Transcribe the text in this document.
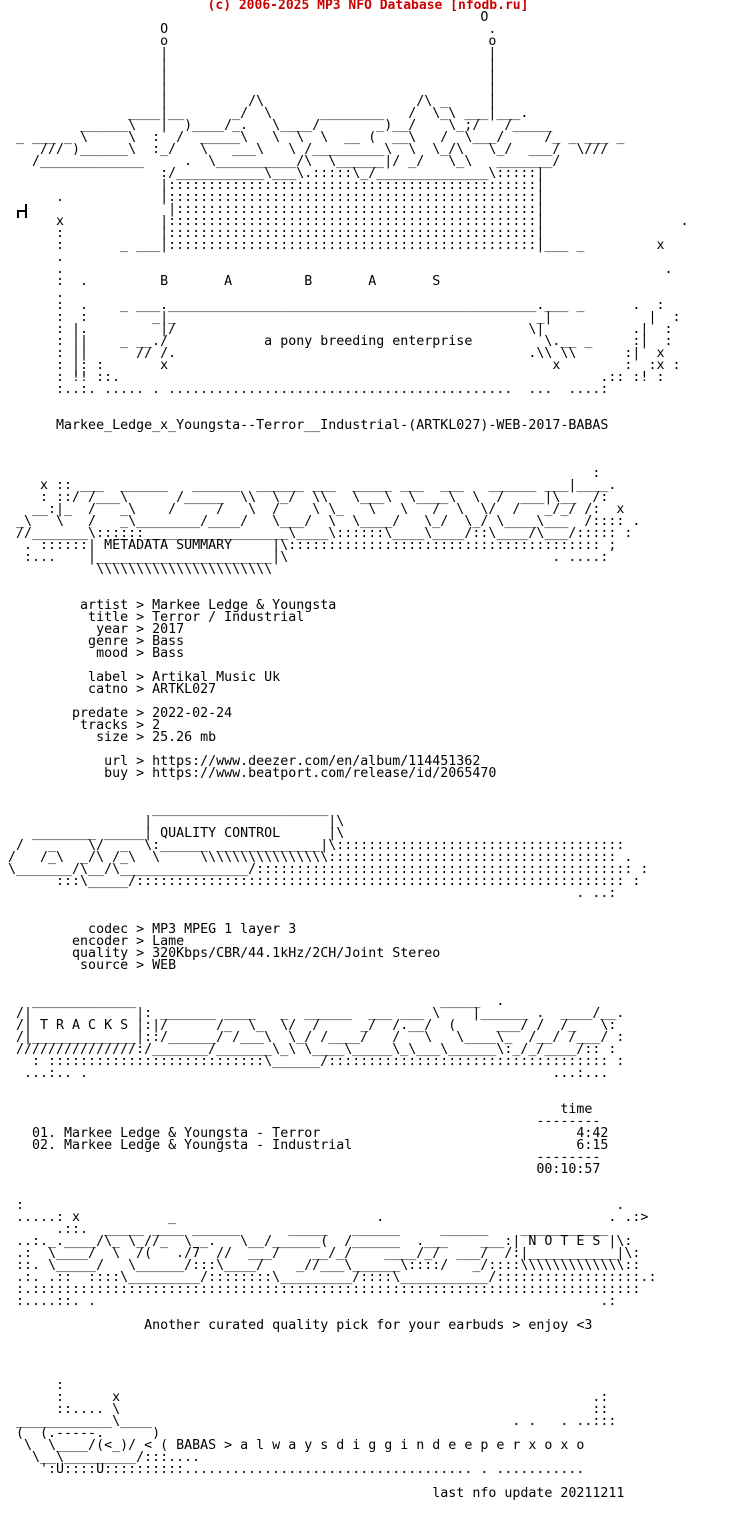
(c) 2006-2025 MP3 NFO Database [nfodb.ru]
O
O                                        .
o                                        o
|                                        |
|                                        |
|                                        |
|                                        |
|          /\                   /\ _     |
____|__      _/  \      ________   /  \_\ ___|___.
______\   |  )____/_.   \____/       _)__/    \_;/   /_____
_ ___ _ \     \  :  /  _____\   \  \  \  __ (  __\   /  \___/     /_ _ ___ _
/// )______\  :_/   \   ___\   \ /_________\  \  \_/\   \_/  ___/  \///
/_____________     .  \__________/\  \______|/ _/   \_\   _______/
:/___________\___\.:::::\_/______________\:::::|
|::::::::::::::::::::::::::::::::::::::::::::::|
.            |::::::::::::::::::::::::::::::::::::::::::::::|
|:::::::::::::::::::::::::::::::::::::::::::::|
x            |::::::::::::::::::::::::::::::::::::::::::::::|                 .
:            |::::::::::::::::::::::::::::::::::::::::::::::|
:       _ ___|::::::::::::::::::::::::::::::::::::::::::::::|___ _         x
.
.                                                                           .
:  .         B       A         B       A       S
.
:  .    _ ___.______________________________________________.___ _      .  :
:  :        _|_                                             _|            |  :
: |.         |/                                            \|           .|  :
: ||    _ __./            a pony breeding enterprise         \.__ _     :|  :
: ||      // /.                                            .\\ \\      :|  x
: |: :       x                                                x        :  :x :
: !! ::.                                                            .:: :! :
:..:. ..... . ...........................................  ...  ....:

Markee_Ledge_x_Youngsta--Terror__Industrial-(ARTKL027)-WEB-2017-BABAS

:
x :: ___  ______   ______  ______ ___  _____ ___  ___   ______ ___|____.
: ::/ /___\      /_____  \\  \_/  \\   \___\  \____\  \  /  ___|\__  /:
__:|_  /   _\    /     /   \  /    \ \_   \   \   /  \  \/  /   _/_/ /:  x
_\   \   /   _\________/____/   \___/  \  \____/   \_/  \_/ \____\___  /:::: .
//_______\::::::__________________\____\::::::\____\____/::\____/\___/::::: :
. ::::::| METADATA SUMMARY     |\::::::::::::::::::::::::::::::::::::::: ;
:...    |______________________|\                                 . ....:
\\\\\\\\\\\\\\\\\\\\\\

artist > Markee Ledge & Youngsta
title > Terror / Industrial
year > 2017
genre > Bass
mood > Bass

label > Artikal Music Uk
catno > ARTKL027

predate > 2022-02-24
tracks > 2
size > 25.26 mb

url > https://www.deezer.com/en/album/114451362
buy > https://www.beatport.com/release/id/2065470

______________________
|                      |\
________ _____| QUALITY CONTROL      |\
/   _    \/  _  \:______ _____________|\::::::::::::::::::::::::::::::::::::
/   /_\  _/\ /_\  \     \\\\\\\\\\\\\\\\:::::::::::::::::::::::::::::::::::: .
\_______/\__/\________________/::::::::::::::::::::::::::::::::::::::::::::::: :
:::\_____/::::::::::::::::::::::::::::::::::::::::::::::::::::::::::::: :
. ..:

codec > MP3 MPEG 1 layer 3
encoder > Lame
quality > 320Kbps/CBR/44.1kHz/2CH/Joint Stereo
source > WEB

_____________                                      _____  .
/|             |: _______ ____   _  ______  ___ ___ \    |______ .  ____/__.
/| T R A C K S |:|/      /_  \_  \/  /     _/  /.__/  (     ___/ /  /_   \:
/|_____________|::/______/ /___\  \_/ /____/   /   \   \____\_  /__/ /___/ :
///////////////:/_______/_______\_\ \____\_____\_\___\______\:_/_/____/:: :
: :::::::::::::::::::::::::::\______/::::::::::::::::::::::::::::::::::: :
...:.. .                                                          ...:...

time
--------
01. Markee Ledge & Youngsta - Terror                                4:42
02. Markee Ledge & Youngsta - Industrial                            6:15
--------
00:10:57

:                                                                          .
.....: x           _                         .                            . .:>
.::.  _____ ____ ______      _____   ______     ______    ___________
..:._.____/\_ \_//_  \ _.   \__/______(  /______  .___    ___:| N O T E S |\:
.:  \____/  \  /(   ./7  //  ___/    __/_/    ____/_/  ___/  /:|___________|\:
::. \_____/   \______/:::\____/    _//___\______\::::/   _/::::\\\\\\\\\\\\\::
.:. .::  ::::\_________/::::::::\_________/::::\___________/::::::::::::::::::.:
:.::::::::::::::::::::::::::::::::::::::::::::::::::::::::::::::::::::::::::::
:....::. .                                                               .:

Another curated quality pick for your earbuds > enjoy <3

:
:      x                                                           .:
::.... \                                                           ::
____________\____                                             . .   . ..:::
(  (.-----.      )
\  \____/(<_)/ < ( BABAS > a l w a y s d i g g i n d e e p e r x o x o
\__\_________/:::....
':U::::U::::::::::.................................... . ...........

last nfo update 20211211
